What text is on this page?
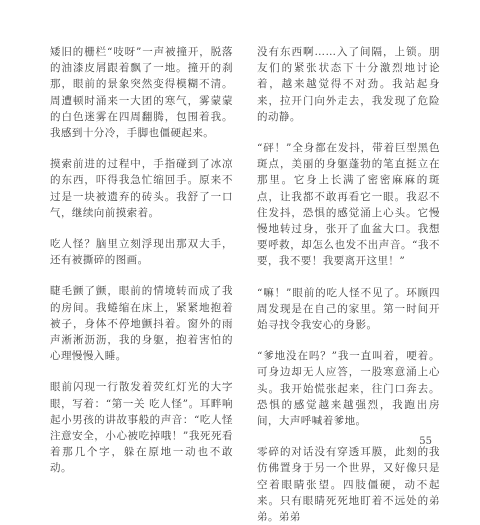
矮旧的栅栏“吱呀”一声被撞开，脱落的油漆皮屑跟着飘了一地。撞开的刹那，眼前的景象突然变得模糊不清。周遭顿时涌来一大团的寒气，雾蒙蒙的白色迷雾在四周翻腾，包围着我。我感到十分冷，手脚也僵硬起来。

摸索前进的过程中，手指碰到了冰凉的东西，吓得我急忙缩回手。原来不过是一块被遗弃的砖头。我舒了一口气，继续向前摸索着。

吃人怪？脑里立刻浮现出那双大手，还有被撕碎的图画。

睫毛颤了颤，眼前的情境转而成了我的房间。我蜷缩在床上，紧紧地抱着被子，身体不停地颤抖着。窗外的雨声淅淅沥沥，我的身躯，抱着害怕的心理慢慢入睡。

眼前闪现一行散发着荧红灯光的大字眼，写着：“第一关 吃人怪”。耳畔响起小男孩的讲故事般的声音：“吃人怪注意安全，小心被吃掉哦！”我死死看着那几个字，躲在原地一动也不敢动。

没有东西啊……入了间隔，上锁。朋友们的紧张状态下十分激烈地讨论着，越来越觉得不对劲。我站起身来，拉开门向外走去，我发现了危险的动静。

“砰！”全身都在发抖，带着巨型黑色斑点，美丽的身躯蓬勃的笔直挺立在那里。它身上长满了密密麻麻的斑点，让我都不敢再看它一眼。我忍不住发抖，恐惧的感觉涌上心头。它慢慢地转过身，张开了血盆大口。我想要呼救，却怎么也发不出声音。“我不要，我不要！我要离开这里！”

“嘛！”眼前的吃人怪不见了。环顾四周发现是在自己的家里。第一时间开始寻找令我安心的身影。

“爹地没在吗？”我一直叫着，哽着。可身边却无人应答，一股寒意涌上心头。我开始慌张起来，往门口奔去。恐惧的感觉越来越强烈，我跑出房间，大声呼喊着爹地。

零碎的对话没有穿透耳膜，此刻的我仿佛置身于另一个世界，又好像只是空着眼睛张望。四肢僵硬，动不起来。只有眼睛死死地盯着不远处的弟弟。弟弟

55
